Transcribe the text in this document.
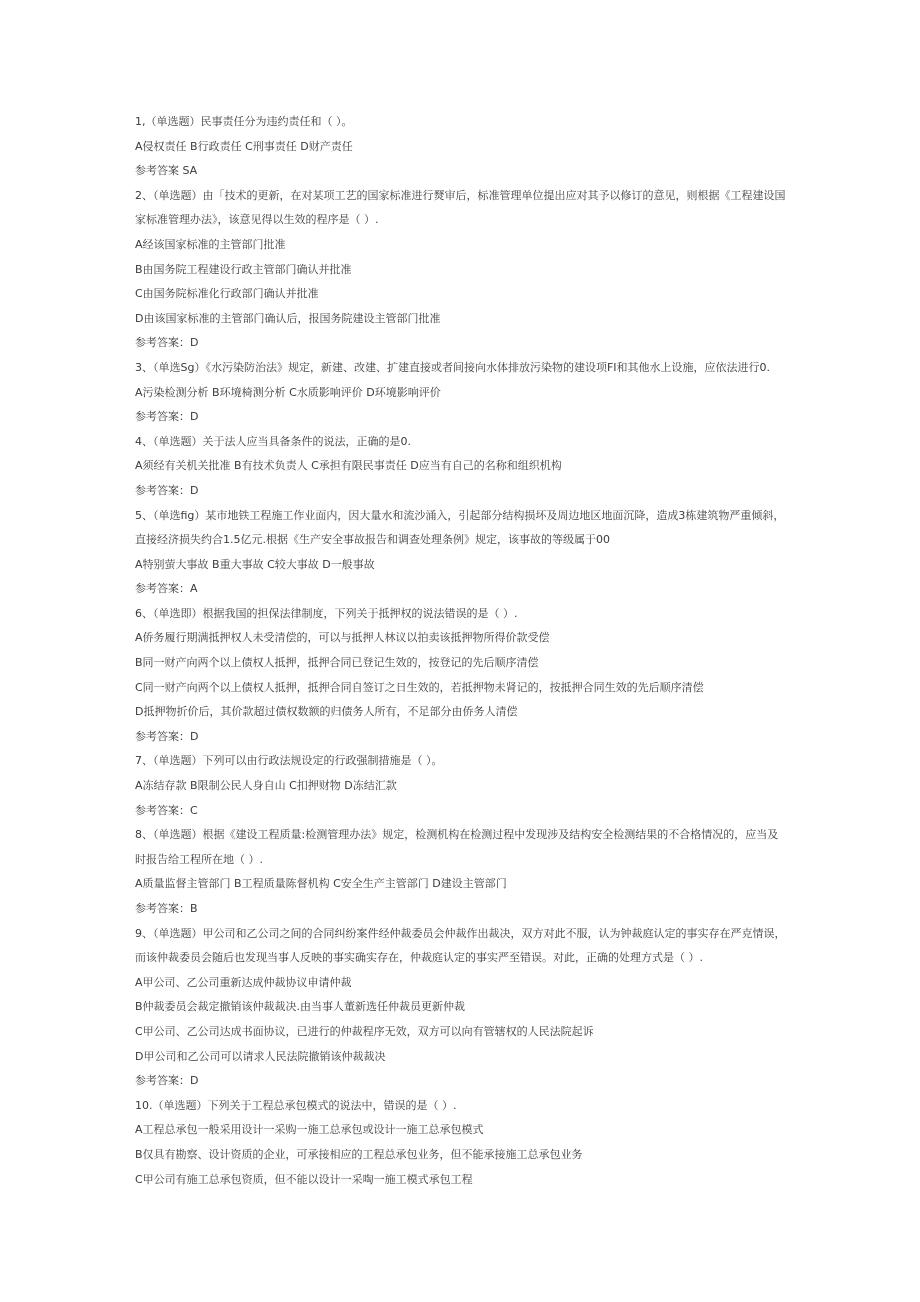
1,（单选题）民事责任分为违约责任和（ ）。
A侵权责任 B行政责任 C刑事责任 D财产责任
参考答案 SA
2、（单选题）由「技术的更新，在对某项工艺的国家标准进行燹审后，标准管理单位提出应对其予以修订的意见，则根据《工程建设国
家标准管理办法》，该意见得以生效的程序是（ ）.
A经该国家标准的主管部门批准
B由国务院工程建设行政主管部门确认并批准
C由国务院标准化行政部门确认并批准
D由该国家标准的主管部门确认后，报国务院建设主管部门批准
参考答案：D
3、（单选Sg）《水污染防治法》规定，新建、改建、扩建直接或者间接向水体排放污染物的建设项FI和其他水上设施，应依法进行0.
A污染检测分析 B环境椅测分析 C水质影响评价 D环境影响评价
参考答案：D
4、（单选题）关于法人应当具备条件的说法，正确的是0.
A须经有关机关批准 B有技术负责人 C承担有限民事责任 D应当有自己的名称和组织机构
参考答案：D
5、（单选fig）某市地铁工程施工作业面内，因大量水和流沙涌入，引起部分结构损坏及周边地区地面沉降，造成3栋建筑物严重倾斜，
直接经济损失约合1.5亿元.根据《生产安全事故报告和调查处理条例》规定，该事故的等级属于00
A特别萤大事故 B重大事故 C较大事故 D一般事故
参考答案：A
6、（单选即）根据我国的担保法律制度，下列关于抵押权的说法错误的是（ ）.
A侨务履行期满抵押权人未受清偿的，可以与抵押人林议以拍卖该抵押物所得价款受偿
B同一财产向两个以上债权人抵押，抵押合同已登记生效的，按登记的先后顺序清偿
C同一财产向两个以上债权人抵押，抵押合同自签订之日生效的，若抵押物未肾记的，按抵押合同生效的先后顺序清偿
D抵押物折价后，其价款超过债权数额的归债务人所有，不足部分由侨务人清偿
参考答案：D
7、（单选题）下列可以由行政法规设定的行政强制措施是（ ）。
A冻结存款 B限制公民人身自山 C扣押财物 D冻结汇款
参考答案：C
8、（单选题）根据《建设工程质量:检测管理办法》规定，检测机构在检测过程中发现涉及结构安全检测结果的不合格情况的，应当及
时报告给工程所在地（ ）.
A质量监督主管部门 B工程质量陈督机构 C安全生产主管部门 D建设主管部门
参考答案：B
9、（单选题）甲公司和乙公司之间的合同纠纷案件经仲裁委员会仲裁作出裁决，双方对此不服，认为钟裁庭认定的事实存在严克情误，
而该仲裁委员会随后也发现当事人反映的事实确实存在，仲裁庭认定的事实严至错误。对此，正确的处理方式是（ ）.
A甲公司、乙公司重新达成仲裁协议申请仲裁
B仲裁委员会裁定撤销该仲裁裁决.由当事人董新选任仲裁员更新仲裁
C甲公司、乙公司达成书面协议，已进行的仲裁程序无效，双方可以向有管辖权的人民法院起诉
D甲公司和乙公司可以请求人民法院撤销该仲裁裁决
参考答案：D
10.（单选题）下列关于工程总承包模式的说法中，错误的是（ ）.
A工程总承包一般采用设计一采购一施工总承包或设计一施工总承包模式
B仅具有勘察、设计资质的企业，可承接相应的工程总承包业务，但不能承接施工总承包业务
C甲公司有施工总承包资质，但不能以设计一采啕一施工模式承包工程
